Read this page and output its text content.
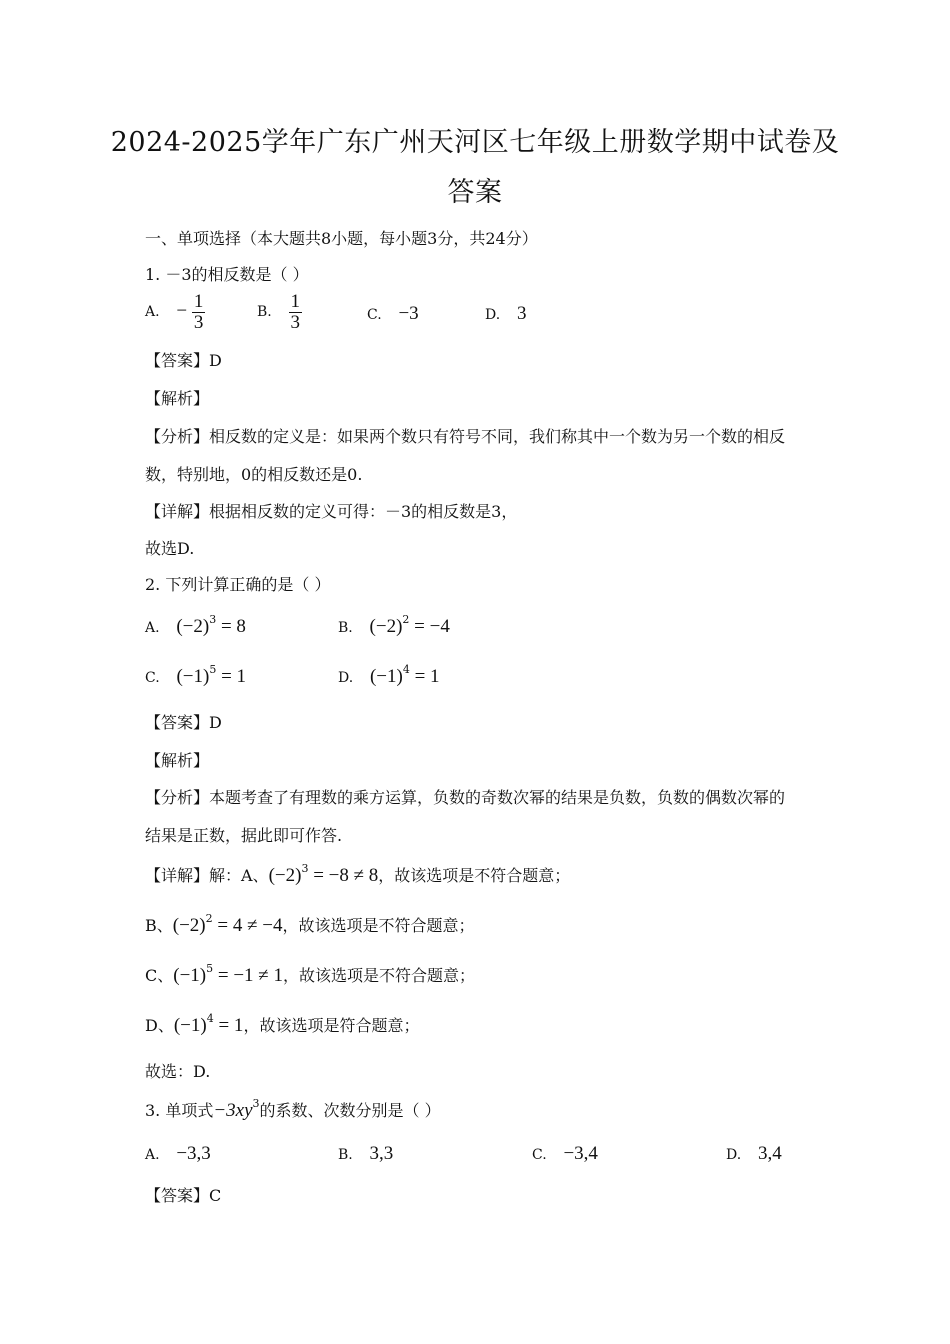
2024-2025学年广东广州天河区七年级上册数学期中试卷及
答案
一、单项选择（本大题共8小题，每小题3分，共24分）
1. －3的相反数是（ ）
A. − $\frac{1}{3}$	B. $\frac{1}{3}$	C. −3	D. 3
【答案】D
【解析】
【分析】相反数的定义是：如果两个数只有符号不同，我们称其中一个数为另一个数的相反
数，特别地，0的相反数还是0.
【详解】根据相反数的定义可得：－3的相反数是3，
故选D.
2. 下列计算正确的是（ ）
A. $(-2)^3 = 8$	B. $(-2)^2 = -4$
C. $(-1)^5 = 1$	D. $(-1)^4 = 1$
【答案】D
【解析】
【分析】本题考查了有理数的乘方运算，负数的奇数次幂的结果是负数，负数的偶数次幂的
结果是正数，据此即可作答.
【详解】解：A、$(-2)^3 = -8 \ne 8$，故该选项是不符合题意；
B、$(-2)^2 = 4 \ne -4$，故该选项是不符合题意；
C、$(-1)^5 = -1 \ne 1$，故该选项是不符合题意；
D、$(-1)^4 = 1$，故该选项是符合题意；
故选：D.
3. 单项式$-3xy^3$的系数、次数分别是（ ）
A. −3,3	B. 3,3	C. −3,4	D. 3,4
【答案】C
